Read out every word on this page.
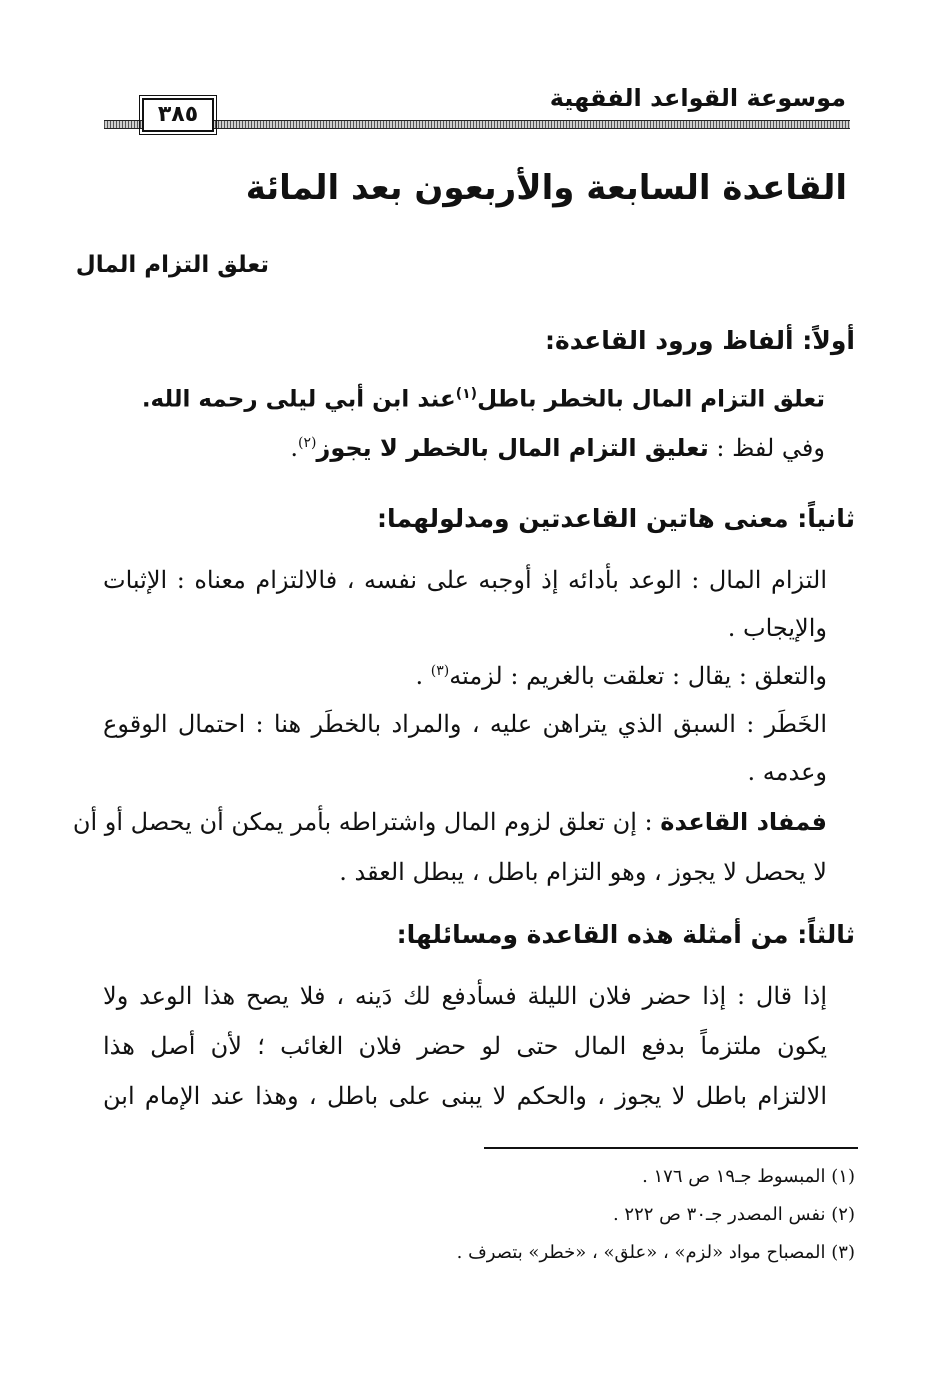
موسوعة القواعد الفقهية
٣٨٥
القاعدة السابعة والأربعون بعد المائة
تعلق التزام المال
أولاً: ألفاظ ورود القاعدة:
تعلق التزام المال بالخطر باطل$^{(١)}$عند ابن أبي ليلى رحمه الله.
وفي لفظ : تعليق التزام المال بالخطر لا يجوز$^{(٢)}$.
ثانياً: معنى هاتين القاعدتين ومدلولهما:
التزام المال : الوعد بأدائه إذ أوجبه على نفسه ، فالالتزام معناه : الإثبات
والإيجاب .
والتعلق : يقال : تعلقت بالغريم : لزمته$^{(٣)}$ .
الخَطَر : السبق الذي يتراهن عليه ، والمراد بالخطَر هنا : احتمال الوقوع
وعدمه .
فمفاد القاعدة : إن تعلق لزوم المال واشتراطه بأمر يمكن أن يحصل أو أن
لا يحصل لا يجوز ، وهو التزام باطل ، يبطل العقد .
ثالثاً: من أمثلة هذه القاعدة ومسائلها:
إذا قال : إذا حضر فلان الليلة فسأدفع لك دَينه ، فلا يصح هذا الوعد ولا
يكون ملتزماً بدفع المال حتى لو حضر فلان الغائب ؛ لأن أصل هذا
الالتزام باطل لا يجوز ، والحكم لا يبنى على باطل ، وهذا عند الإمام ابن
(١) المبسوط جـ١٩ ص ١٧٦ .
(٢) نفس المصدر جـ٣٠ ص ٢٢٢ .
(٣) المصباح مواد «لزم» ، «علق» ، «خطر» بتصرف .
